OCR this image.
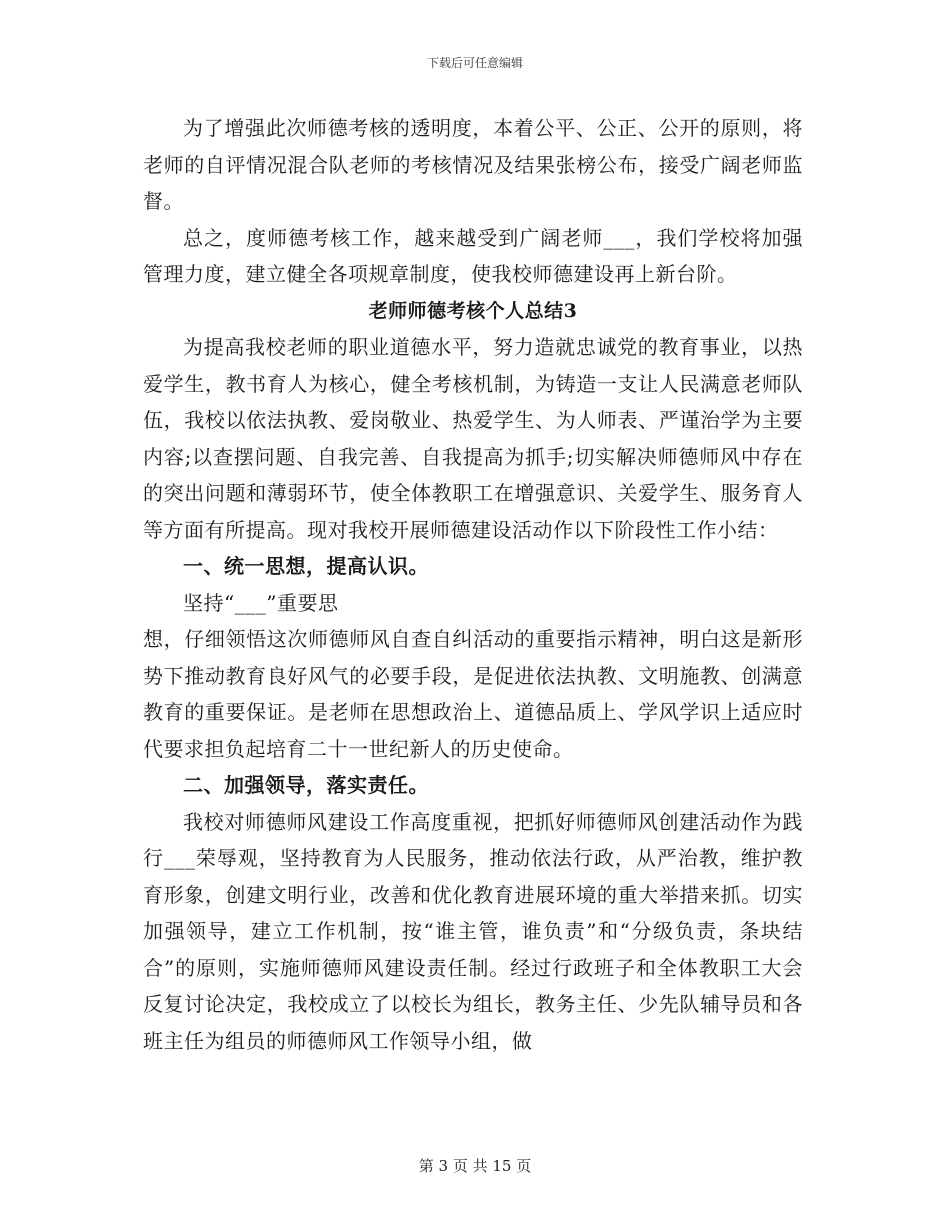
下载后可任意编辑

为了增强此次师德考核的透明度，本着公平、公正、公开的原则，将老师的自评情况混合队老师的考核情况及结果张榜公布，接受广阔老师监督。

总之，度师德考核工作，越来越受到广阔老师___，我们学校将加强管理力度，建立健全各项规章制度，使我校师德建设再上新台阶。

老师师德考核个人总结3

为提高我校老师的职业道德水平，努力造就忠诚党的教育事业，以热爱学生，教书育人为核心，健全考核机制，为铸造一支让人民满意老师队伍，我校以依法执教、爱岗敬业、热爱学生、为人师表、严谨治学为主要内容;以查摆问题、自我完善、自我提高为抓手;切实解决师德师风中存在的突出问题和薄弱环节，使全体教职工在增强意识、关爱学生、服务育人等方面有所提高。现对我校开展师德建设活动作以下阶段性工作小结：

一、统一思想，提高认识。

坚持“___”重要思

想，仔细领悟这次师德师风自查自纠活动的重要指示精神，明白这是新形势下推动教育良好风气的必要手段，是促进依法执教、文明施教、创满意教育的重要保证。是老师在思想政治上、道德品质上、学风学识上适应时代要求担负起培育二十一世纪新人的历史使命。

二、加强领导，落实责任。

我校对师德师风建设工作高度重视，把抓好师德师风创建活动作为践行___荣辱观，坚持教育为人民服务，推动依法行政，从严治教，维护教育形象，创建文明行业，改善和优化教育进展环境的重大举措来抓。切实加强领导，建立工作机制，按“谁主管，谁负责”和“分级负责，条块结合”的原则，实施师德师风建设责任制。经过行政班子和全体教职工大会反复讨论决定，我校成立了以校长为组长，教务主任、少先队辅导员和各班主任为组员的师德师风工作领导小组，做

第 3 页 共 15 页
